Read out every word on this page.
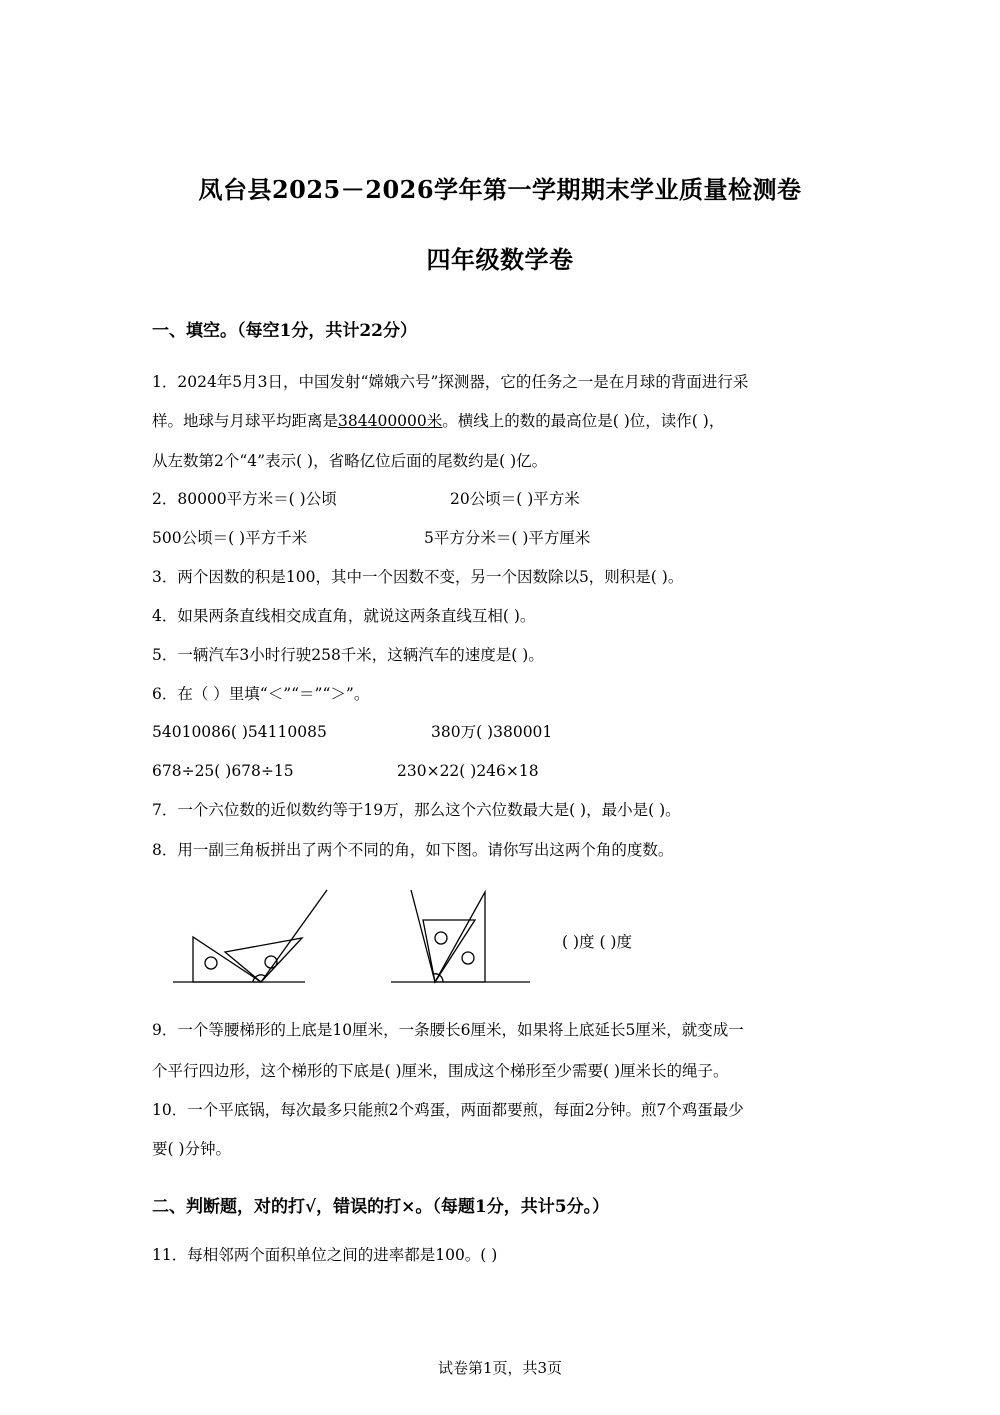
凤台县2025－2026学年第一学期期末学业质量检测卷
四年级数学卷
一、填空。（每空1分，共计22分）
1．2024年5月3日，中国发射“嫦娥六号”探测器，它的任务之一是在月球的背面进行采
样。地球与月球平均距离是384400000米。横线上的数的最高位是( )位，读作( )，
从左数第2个“4”表示( )，省略亿位后面的尾数约是( )亿。
2．80000平方米＝( )公顷	20公顷＝( )平方米
500公顷＝( )平方千米	5平方分米＝( )平方厘米
3．两个因数的积是100，其中一个因数不变，另一个因数除以5，则积是( )。
4．如果两条直线相交成直角，就说这两条直线互相( )。
5．一辆汽车3小时行驶258千米，这辆汽车的速度是( )。
6．在（ ）里填“＜”“＝”“＞”。
54010086( )54110085	380万( )380001
678÷25( )678÷15	230×22( )246×18
7．一个六位数的近似数约等于19万，那么这个六位数最大是( )，最小是( )。
8．用一副三角板拼出了两个不同的角，如下图。请你写出这两个角的度数。
( )度 ( )度
9．一个等腰梯形的上底是10厘米，一条腰长6厘米，如果将上底延长5厘米，就变成一
个平行四边形，这个梯形的下底是( )厘米，围成这个梯形至少需要( )厘米长的绳子。
10．一个平底锅，每次最多只能煎2个鸡蛋，两面都要煎，每面2分钟。煎7个鸡蛋最少
要( )分钟。
二、判断题，对的打√，错误的打×。（每题1分，共计5分。）
11．每相邻两个面积单位之间的进率都是100。( )
试卷第1页，共3页
